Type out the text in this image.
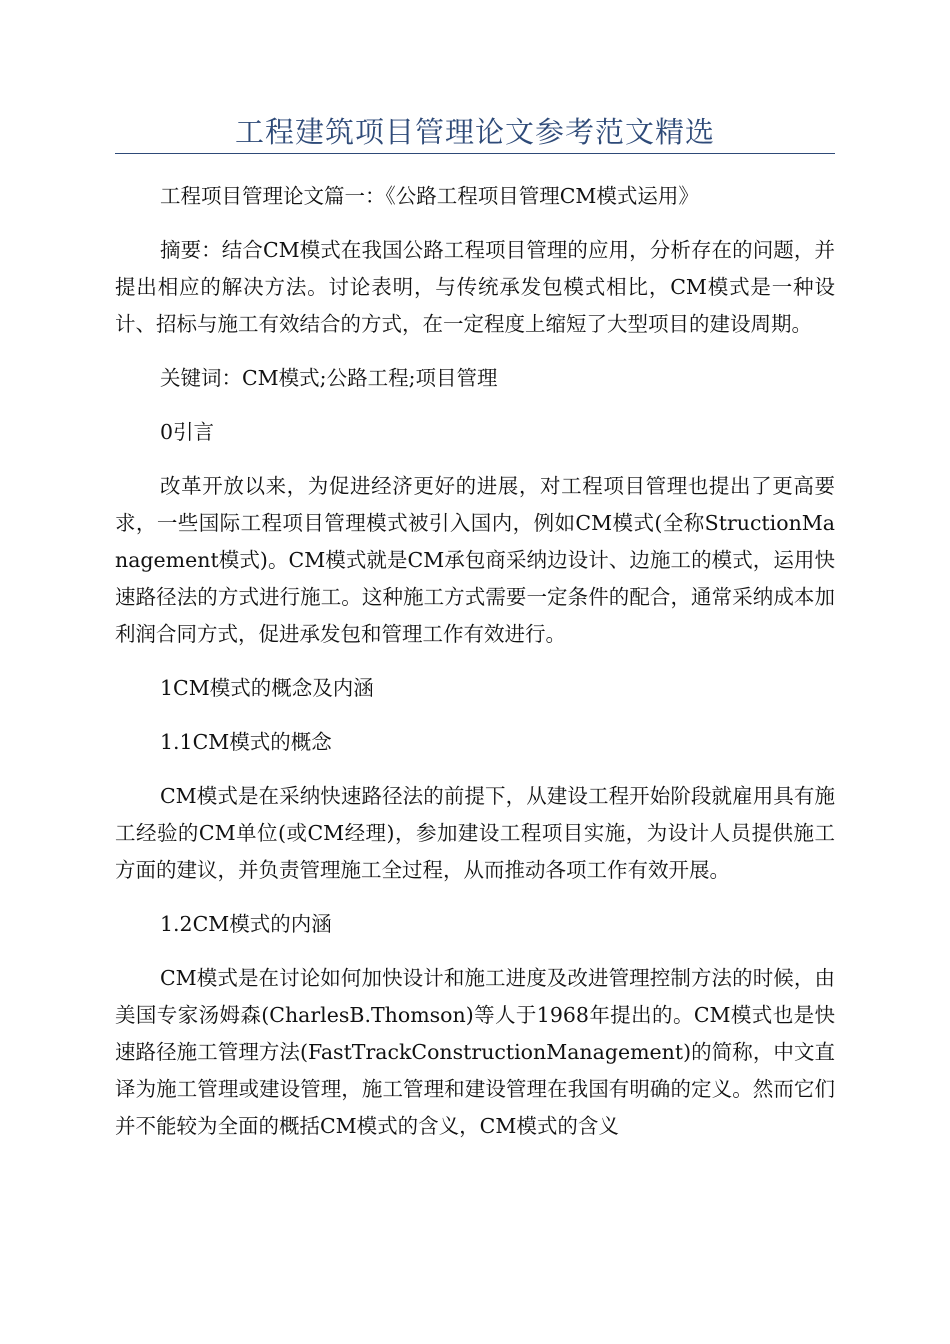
工程建筑项目管理论文参考范文精选

工程项目管理论文篇一：《公路工程项目管理CM模式运用》

摘要：结合CM模式在我国公路工程项目管理的应用，分析存在的问题，并提出相应的解决方法。讨论表明，与传统承发包模式相比，CM模式是一种设计、招标与施工有效结合的方式，在一定程度上缩短了大型项目的建设周期。

关键词：CM模式;公路工程;项目管理

0引言

改革开放以来，为促进经济更好的进展，对工程项目管理也提出了更高要求，一些国际工程项目管理模式被引入国内，例如CM模式(全称StructionManagement模式)。CM模式就是CM承包商采纳边设计、边施工的模式，运用快速路径法的方式进行施工。这种施工方式需要一定条件的配合，通常采纳成本加利润合同方式，促进承发包和管理工作有效进行。

1CM模式的概念及内涵

1.1CM模式的概念

CM模式是在采纳快速路径法的前提下，从建设工程开始阶段就雇用具有施工经验的CM单位(或CM经理)，参加建设工程项目实施，为设计人员提供施工方面的建议，并负责管理施工全过程，从而推动各项工作有效开展。

1.2CM模式的内涵

CM模式是在讨论如何加快设计和施工进度及改进管理控制方法的时候，由美国专家汤姆森(CharlesB.Thomson)等人于1968年提出的。CM模式也是快速路径施工管理方法(FastTrackConstructionManagement)的简称，中文直译为施工管理或建设管理，施工管理和建设管理在我国有明确的定义。然而它们并不能较为全面的概括CM模式的含义，CM模式的含义
